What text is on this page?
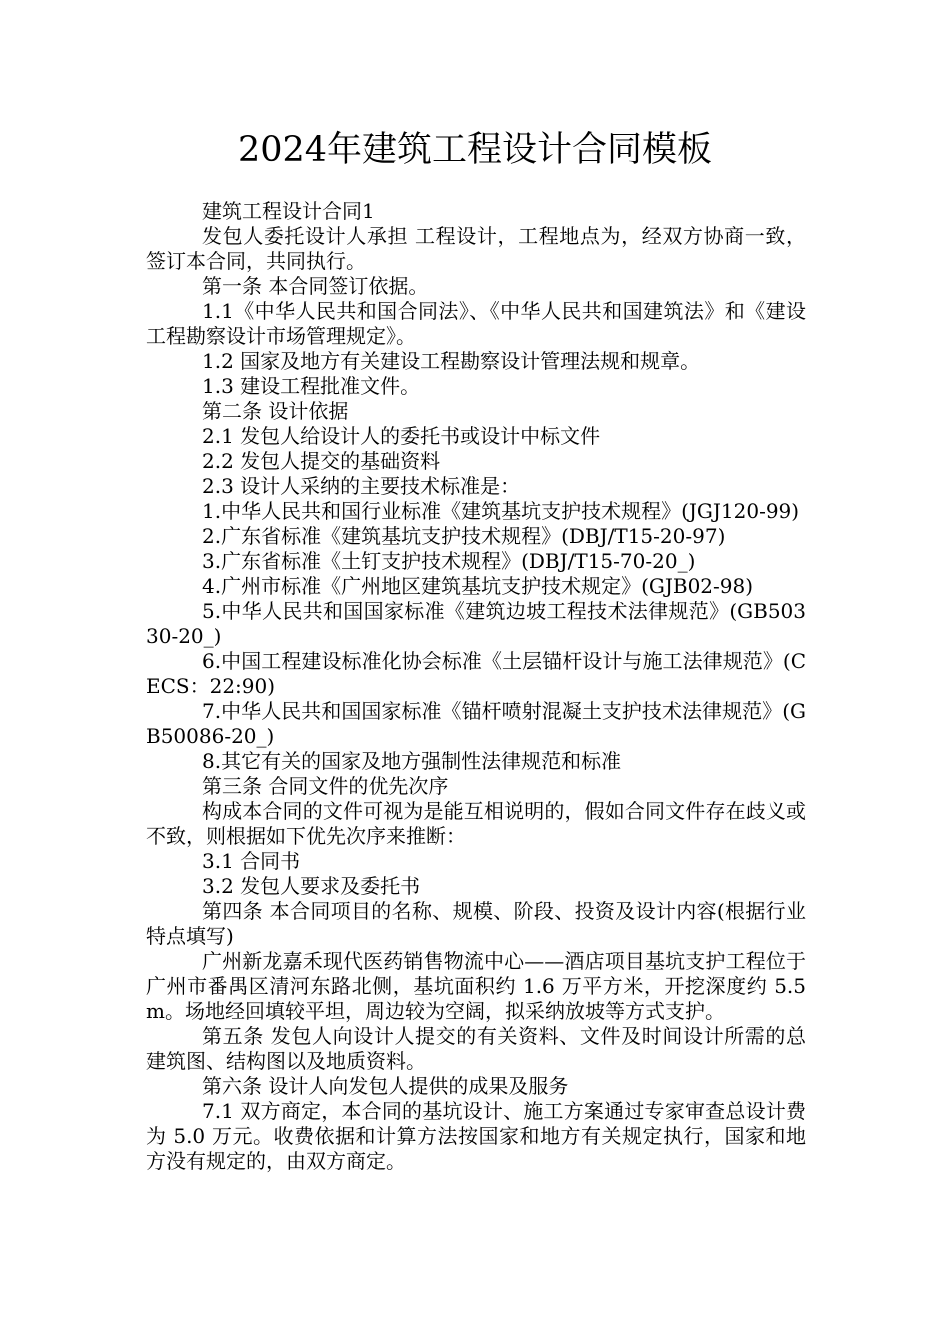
2024年建筑工程设计合同模板

建筑工程设计合同1

发包人委托设计人承担 工程设计，工程地点为，经双方协商一致，签订本合同，共同执行。

第一条 本合同签订依据。

1.1《中华人民共和国合同法》、《中华人民共和国建筑法》和《建设工程勘察设计市场管理规定》。

1.2 国家及地方有关建设工程勘察设计管理法规和规章。

1.3 建设工程批准文件。

第二条 设计依据

2.1 发包人给设计人的委托书或设计中标文件

2.2 发包人提交的基础资料

2.3 设计人采纳的主要技术标准是：

1.中华人民共和国行业标准《建筑基坑支护技术规程》(JGJ120-99)

2.广东省标准《建筑基坑支护技术规程》(DBJ/T15-20-97)

3.广东省标准《土钉支护技术规程》(DBJ/T15-70-20_)

4.广州市标准《广州地区建筑基坑支护技术规定》(GJB02-98)

5.中华人民共和国国家标准《建筑边坡工程技术法律规范》(GB50330-20_)

6.中国工程建设标准化协会标准《土层锚杆设计与施工法律规范》(CECS：22:90)

7.中华人民共和国国家标准《锚杆喷射混凝土支护技术法律规范》(GB50086-20_)

8.其它有关的国家及地方强制性法律规范和标准

第三条 合同文件的优先次序

构成本合同的文件可视为是能互相说明的，假如合同文件存在歧义或不致，则根据如下优先次序来推断：

3.1 合同书

3.2 发包人要求及委托书

第四条 本合同项目的名称、规模、阶段、投资及设计内容(根据行业特点填写)

广州新龙嘉禾现代医药销售物流中心——酒店项目基坑支护工程位于广州市番禺区清河东路北侧，基坑面积约 1.6 万平方米，开挖深度约 5.5m。场地经回填较平坦，周边较为空阔，拟采纳放坡等方式支护。

第五条 发包人向设计人提交的有关资料、文件及时间设计所需的总建筑图、结构图以及地质资料。

第六条 设计人向发包人提供的成果及服务

7.1 双方商定，本合同的基坑设计、施工方案通过专家审查总设计费为 5.0 万元。收费依据和计算方法按国家和地方有关规定执行，国家和地方没有规定的，由双方商定。
